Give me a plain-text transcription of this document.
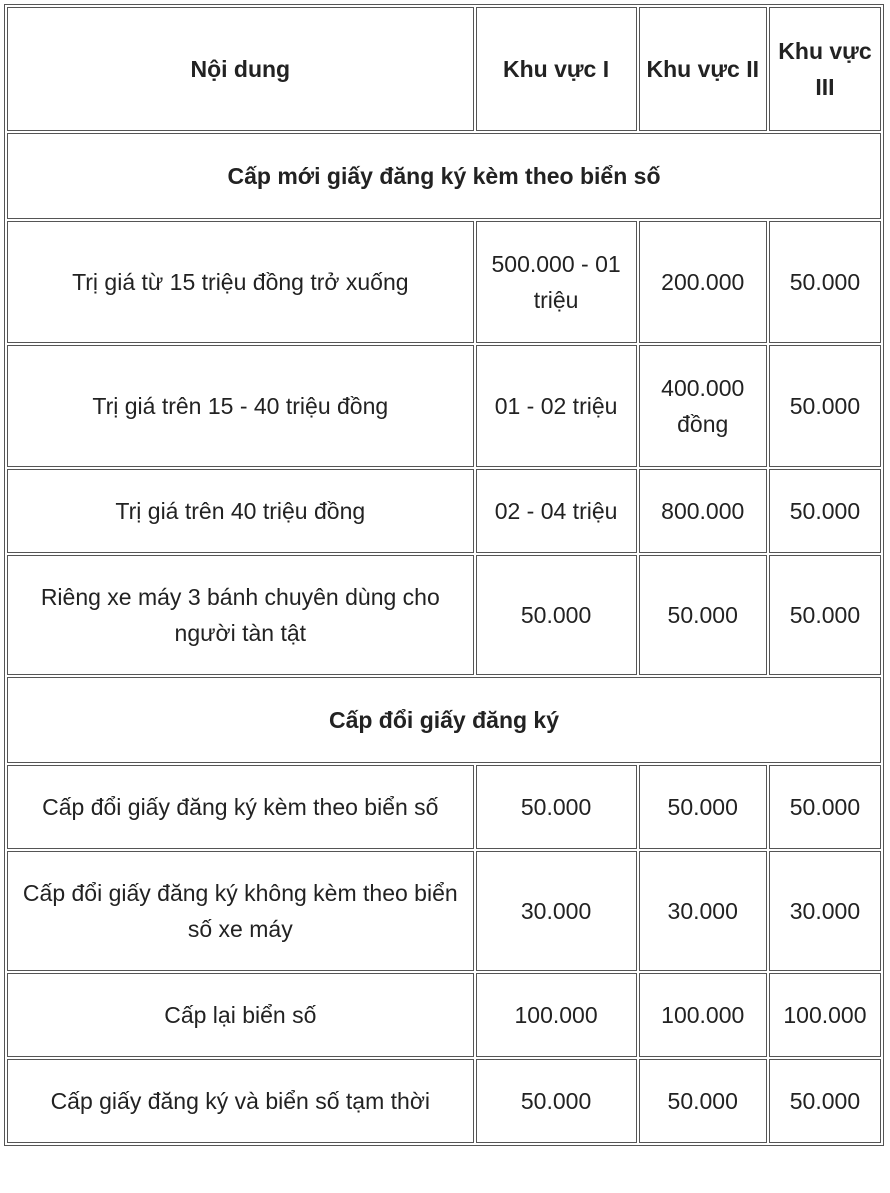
Nội dung	Khu vực I	Khu vực II	Khu vực III
Cấp mới giấy đăng ký kèm theo biển số			
Trị giá từ 15 triệu đồng trở xuống	500.000 - 01 triệu	200.000	50.000
Trị giá trên 15 - 40 triệu đồng	01 - 02 triệu	400.000 đồng	50.000
Trị giá trên 40 triệu đồng	02 - 04 triệu	800.000	50.000
Riêng xe máy 3 bánh chuyên dùng cho người tàn tật	50.000	50.000	50.000
Cấp đổi giấy đăng ký			
Cấp đổi giấy đăng ký kèm theo biển số	50.000	50.000	50.000
Cấp đổi giấy đăng ký không kèm theo biển số xe máy	30.000	30.000	30.000
Cấp lại biển số	100.000	100.000	100.000
Cấp giấy đăng ký và biển số tạm thời	50.000	50.000	50.000
